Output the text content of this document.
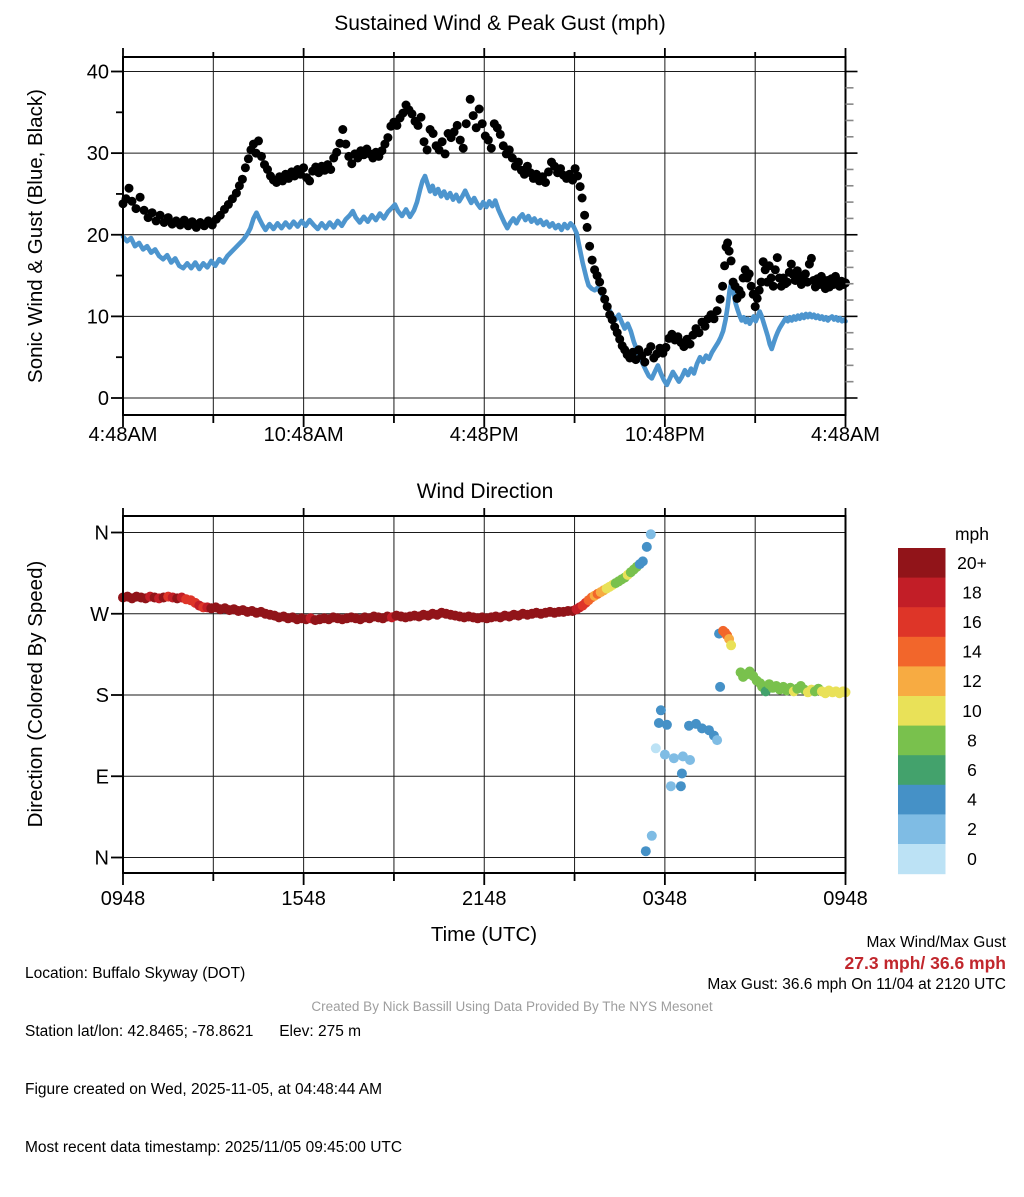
0
10
20
30
40
4:48AM	10:48AM	4:48PM	10:48PM	4:48AM
Sonic Wind & Gust (Blue, Black)
N
W
S
E
N
0948	1548	2148	0348	0948
Time (UTC)
Direction (Colored By Speed)
mph
20+
18
16
14
12
10
8
6
4
2
0
Sustained Wind & Peak Gust (mph)
Wind Direction

Location: Buffalo Skyway (DOT)

Station lat/lon: 42.8465; -78.8621      Elev: 275 m

Figure created on Wed, 2025-11-05, at 04:48:44 AM

Most recent data timestamp: 2025/11/05 09:45:00 UTC

Max Wind/Max Gust
27.3 mph/ 36.6 mph
Max Gust: 36.6 mph On 11/04 at 2120 UTC
Created By Nick Bassill Using Data Provided By The NYS Mesonet
